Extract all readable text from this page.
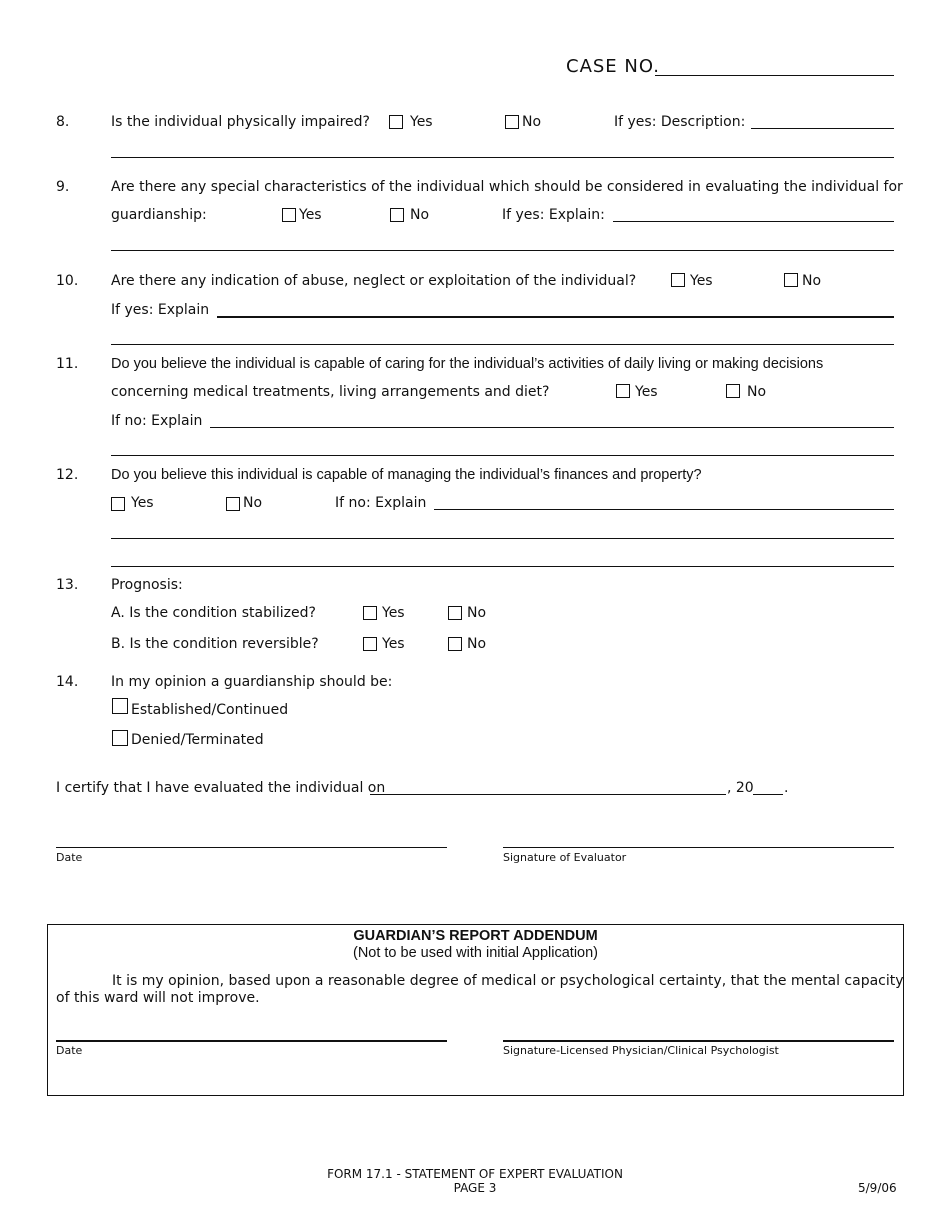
CASE NO.
8.	Is the individual physically impaired?	Yes	No	If yes: Description:
9.	Are there any special characteristics of the individual which should be considered in evaluating the individual for
guardianship:	Yes	No	If yes: Explain:
10. Are there any indication of abuse, neglect or exploitation of the individual?	Yes	No
If yes: Explain
11. Do you believe the individual is capable of caring for the individual’s activities of daily living or making decisions
concerning medical treatments, living arrangements and diet?	Yes	No
If no: Explain
12. Do you believe this individual is capable of managing the individual’s finances and property?
Yes	No	If no: Explain
13. Prognosis:
A. Is the condition stabilized?	Yes	No
B. Is the condition reversible?	Yes	No
14. In my opinion a guardianship should be:
Established/Continued
Denied/Terminated
I certify that I have evaluated the individual on	, 20 .
Date	Signature of Evaluator
GUARDIAN’S REPORT ADDENDUM
(Not to be used with initial Application)
It is my opinion, based upon a reasonable degree of medical or psychological certainty, that the mental capacity
of this ward will not improve.
Date	Signature-Licensed Physician/Clinical Psychologist
FORM 17.1 - STATEMENT OF EXPERT EVALUATION
PAGE 3	5/9/06
